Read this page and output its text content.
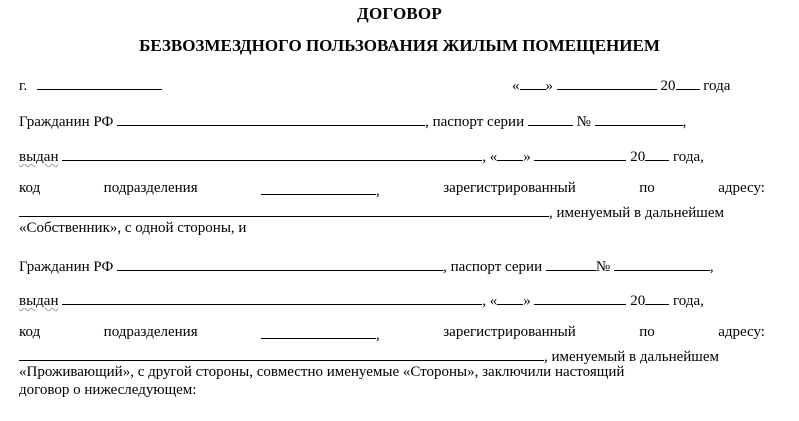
ДОГОВОР
БЕЗВОЗМЕЗДНОГО ПОЛЬЗОВАНИЯ ЖИЛЫМ ПОМЕЩЕНИЕМ
г.	« »	20 года
Гражданин РФ	, паспорт серии	№	,
выдан	, « »	20 года,
код	подразделения	,	зарегистрированный	по	адресу:
, именуемый в дальнейшем
«Собственник», с одной стороны, и
Гражданин РФ	, паспорт серии	№	,
выдан	, « »	20 года,
код	подразделения	,	зарегистрированный	по	адресу:
, именуемый в дальнейшем
«Проживающий», с другой стороны, совместно именуемые «Стороны», заключили настоящий
договор о нижеследующем:
